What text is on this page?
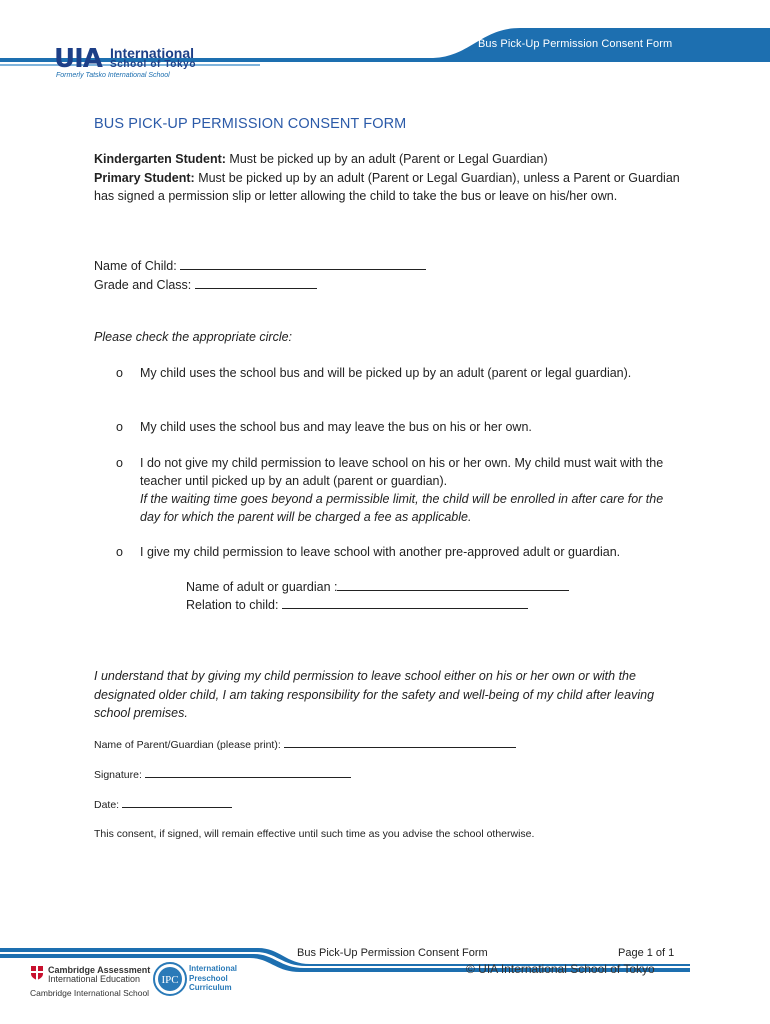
Bus Pick-Up Permission Consent Form
UIA International
School of Tokyo
Formerly Tatsko International School
BUS PICK-UP PERMISSION CONSENT FORM
Kindergarten Student: Must be picked up by an adult (Parent or Legal Guardian)
Primary Student: Must be picked up by an adult (Parent or Legal Guardian), unless a Parent or Guardian has signed a permission slip or letter allowing the child to take the bus or leave on his/her own.
Name of Child:
Grade and Class:
Please check the appropriate circle:
o	My child uses the school bus and will be picked up by an adult (parent or legal guardian).
o	My child uses the school bus and may leave the bus on his or her own.
o	I do not give my child permission to leave school on his or her own. My child must wait with the teacher until picked up by an adult (parent or guardian).
If the waiting time goes beyond a permissible limit, the child will be enrolled in after care for the day for which the parent will be charged a fee as applicable.
o	I give my child permission to leave school with another pre-approved adult or guardian.
Name of adult or guardian :
Relation to child:
I understand that by giving my child permission to leave school either on his or her own or with the designated older child, I am taking responsibility for the safety and well-being of my child after leaving school premises.
Name of Parent/Guardian (please print):
Signature:
Date:
This consent, if signed, will remain effective until such time as you advise the school otherwise.
Bus Pick-Up Permission Consent Form	Page 1 of 1
© UIA International School of Tokyo
Cambridge Assessment
International Education
Cambridge International School
IPC
International
Preschool
Curriculum
